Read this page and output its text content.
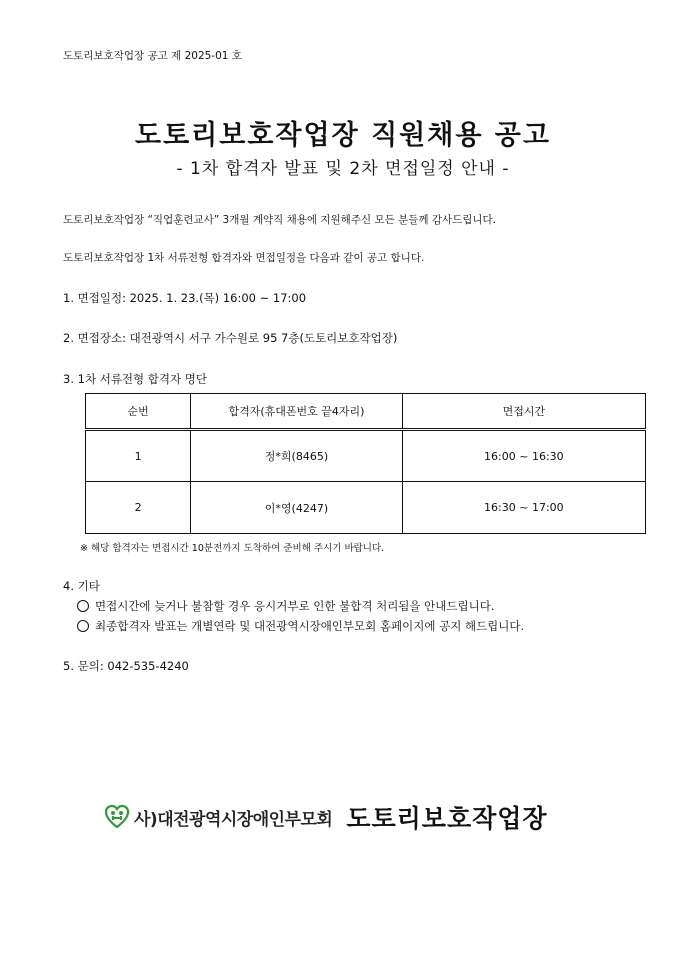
도토리보호작업장 공고 제 2025-01 호
도토리보호작업장 직원채용 공고
- 1차 합격자 발표 및 2차 면접일정 안내 -
도토리보호작업장 “직업훈련교사” 3개월 계약직 채용에 지원해주신 모든 분들께 감사드립니다.
도토리보호작업장 1차 서류전형 합격자와 면접일정을 다음과 같이 공고 합니다.
1. 면접일정: 2025. 1. 23.(목) 16:00 ~ 17:00
2. 면접장소: 대전광역시 서구 가수원로 95 7층(도토리보호작업장)
3. 1차 서류전형 합격자 명단
순번	합격자(휴대폰번호 끝4자리)	면접시간
1	정*희(8465)	16:00 ~ 16:30
2	이*영(4247)	16:30 ~ 17:00
※ 해당 합격자는 면접시간 10분전까지 도착하여 준비해 주시기 바랍니다.
4. 기타
면접시간에 늦거나 불참할 경우 응시거부로 인한 불합격 처리됨을 안내드립니다.
최종합격자 발표는 개별연락 및 대전광역시장애인부모회 홈페이지에 공지 해드립니다.
5. 문의: 042-535-4240
사)대전광역시장애인부모회 도토리보호작업장
